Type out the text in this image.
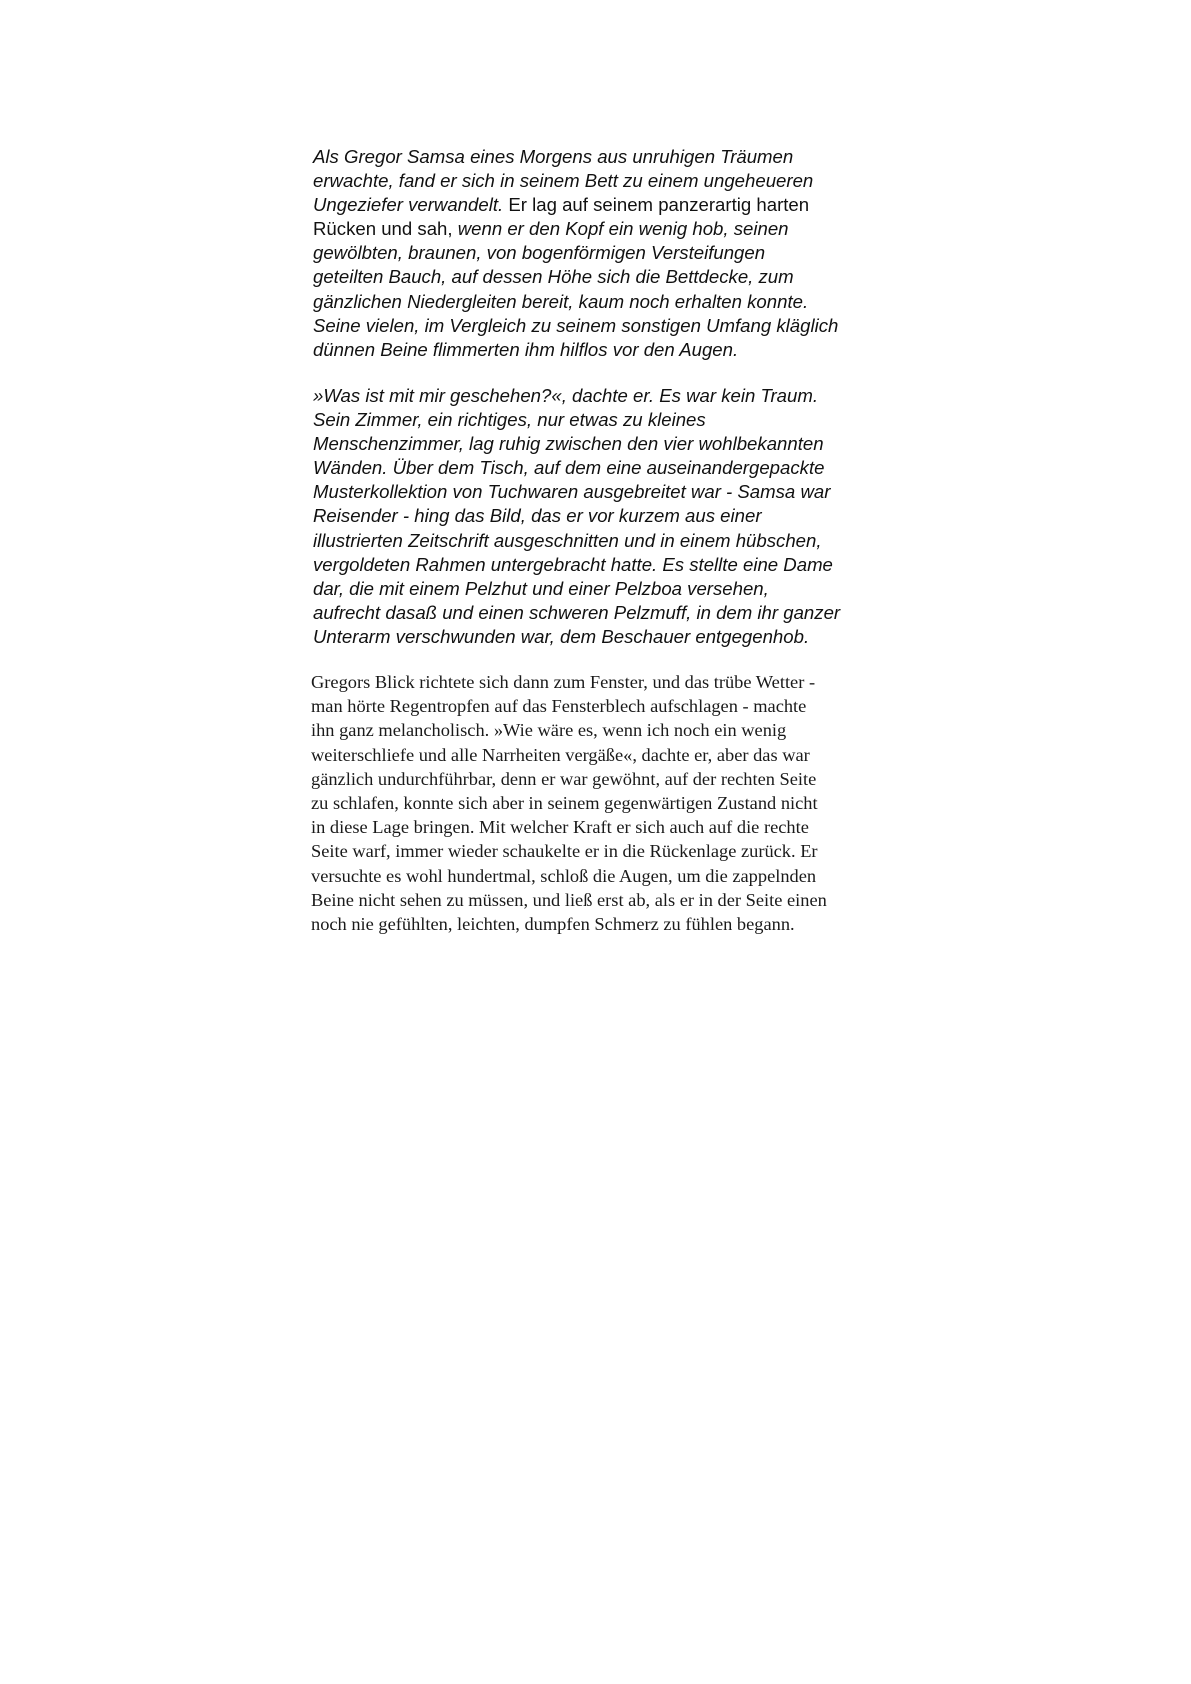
Als Gregor Samsa eines Morgens aus unruhigen Träumen
erwachte, fand er sich in seinem Bett zu einem ungeheueren
Ungeziefer verwandelt. Er lag auf seinem panzerartig harten
Rücken und sah, wenn er den Kopf ein wenig hob, seinen
gewölbten, braunen, von bogenförmigen Versteifungen
geteilten Bauch, auf dessen Höhe sich die Bettdecke, zum
gänzlichen Niedergleiten bereit, kaum noch erhalten konnte.
Seine vielen, im Vergleich zu seinem sonstigen Umfang kläglich
dünnen Beine flimmerten ihm hilflos vor den Augen.

»Was ist mit mir geschehen?«, dachte er. Es war kein Traum.
Sein Zimmer, ein richtiges, nur etwas zu kleines
Menschenzimmer, lag ruhig zwischen den vier wohlbekannten
Wänden. Über dem Tisch, auf dem eine auseinandergepackte
Musterkollektion von Tuchwaren ausgebreitet war - Samsa war
Reisender - hing das Bild, das er vor kurzem aus einer
illustrierten Zeitschrift ausgeschnitten und in einem hübschen,
vergoldeten Rahmen untergebracht hatte. Es stellte eine Dame
dar, die mit einem Pelzhut und einer Pelzboa versehen,
aufrecht dasaß und einen schweren Pelzmuff, in dem ihr ganzer
Unterarm verschwunden war, dem Beschauer entgegenhob.

Gregors Blick richtete sich dann zum Fenster, und das trübe Wetter -
man hörte Regentropfen auf das Fensterblech aufschlagen - machte
ihn ganz melancholisch. »Wie wäre es, wenn ich noch ein wenig
weiterschliefe und alle Narrheiten vergäße«, dachte er, aber das war
gänzlich undurchführbar, denn er war gewöhnt, auf der rechten Seite
zu schlafen, konnte sich aber in seinem gegenwärtigen Zustand nicht
in diese Lage bringen. Mit welcher Kraft er sich auch auf die rechte
Seite warf, immer wieder schaukelte er in die Rückenlage zurück. Er
versuchte es wohl hundertmal, schloß die Augen, um die zappelnden
Beine nicht sehen zu müssen, und ließ erst ab, als er in der Seite einen
noch nie gefühlten, leichten, dumpfen Schmerz zu fühlen begann.
